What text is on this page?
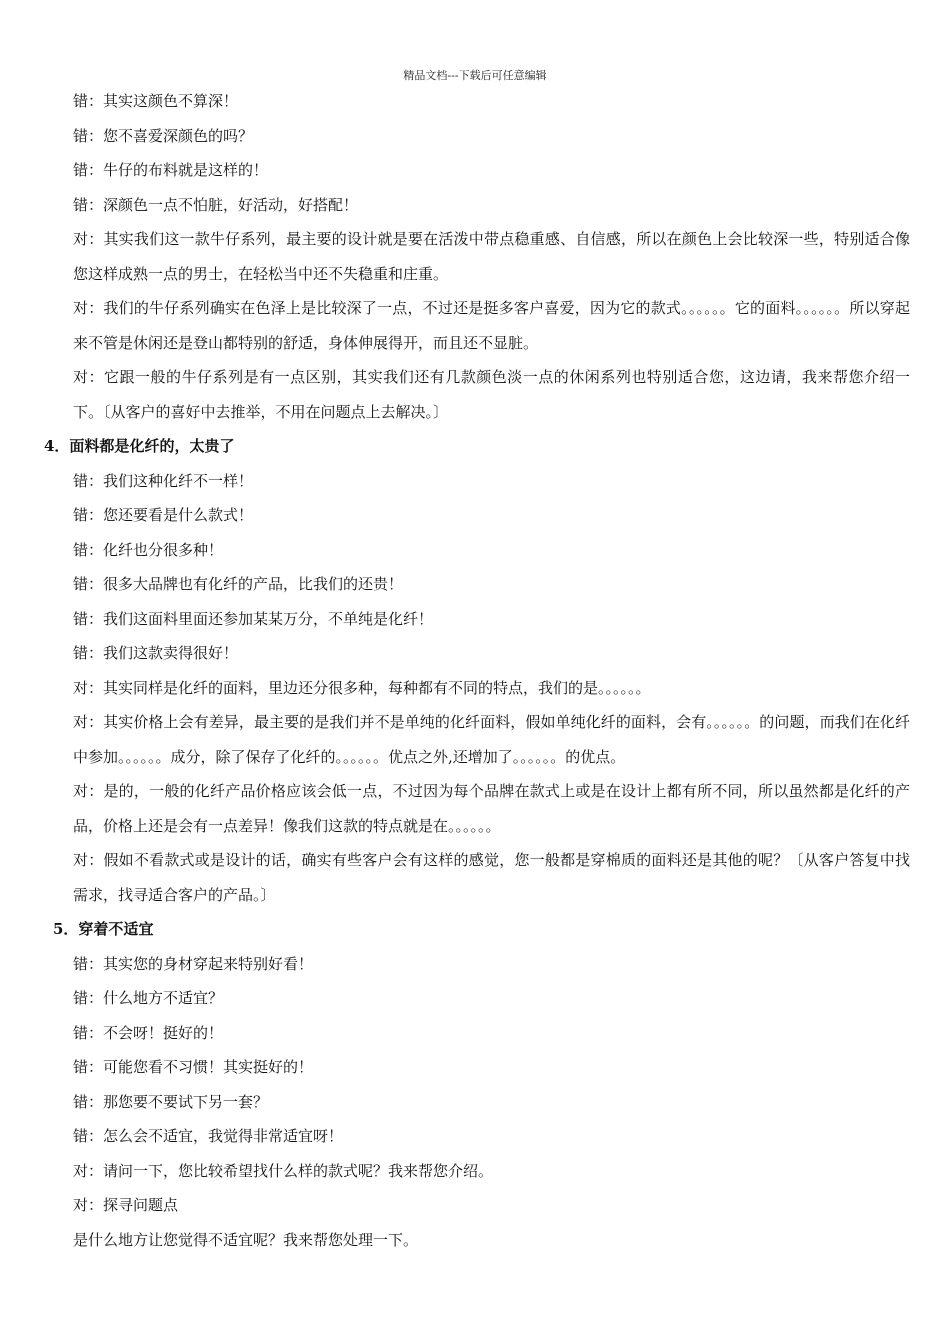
精品文档---下载后可任意编辑

错：其实这颜色不算深！

错：您不喜爱深颜色的吗？

错：牛仔的布料就是这样的！

错：深颜色一点不怕脏，好活动，好搭配！

对：其实我们这一款牛仔系列，最主要的设计就是要在活泼中带点稳重感、自信感，所以在颜色上会比较深一些，特别适合像您这样成熟一点的男士，在轻松当中还不失稳重和庄重。

对：我们的牛仔系列确实在色泽上是比较深了一点，不过还是挺多客户喜爱，因为它的款式。。。。。。它的面料。。。。。。所以穿起来不管是休闲还是登山都特别的舒适，身体伸展得开，而且还不显脏。

对：它跟一般的牛仔系列是有一点区别，其实我们还有几款颜色淡一点的休闲系列也特别适合您，这边请，我来帮您介绍一下。〔从客户的喜好中去推举，不用在问题点上去解决。〕

4．面料都是化纤的，太贵了

错：我们这种化纤不一样！

错：您还要看是什么款式！

错：化纤也分很多种！

错：很多大品牌也有化纤的产品，比我们的还贵！

错：我们这面料里面还参加某某万分，不单纯是化纤！

错：我们这款卖得很好！

对：其实同样是化纤的面料，里边还分很多种，每种都有不同的特点，我们的是。。。。。。

对：其实价格上会有差异，最主要的是我们并不是单纯的化纤面料，假如单纯化纤的面料，会有。。。。。。的问题，而我们在化纤中参加。。。。。。成分，除了保存了化纤的。。。。。。优点之外,还增加了。。。。。。的优点。

对：是的，一般的化纤产品价格应该会低一点，不过因为每个品牌在款式上或是在设计上都有所不同，所以虽然都是化纤的产品，价格上还是会有一点差异！像我们这款的特点就是在。。。。。。

对：假如不看款式或是设计的话，确实有些客户会有这样的感觉，您一般都是穿棉质的面料还是其他的呢？〔从客户答复中找需求，找寻适合客户的产品。〕

5．穿着不适宜

错：其实您的身材穿起来特别好看！

错：什么地方不适宜？

错：不会呀！挺好的！

错：可能您看不习惯！其实挺好的！

错：那您要不要试下另一套？

错：怎么会不适宜，我觉得非常适宜呀！

对：请问一下，您比较希望找什么样的款式呢？我来帮您介绍。

对：探寻问题点

是什么地方让您觉得不适宜呢？我来帮您处理一下。
